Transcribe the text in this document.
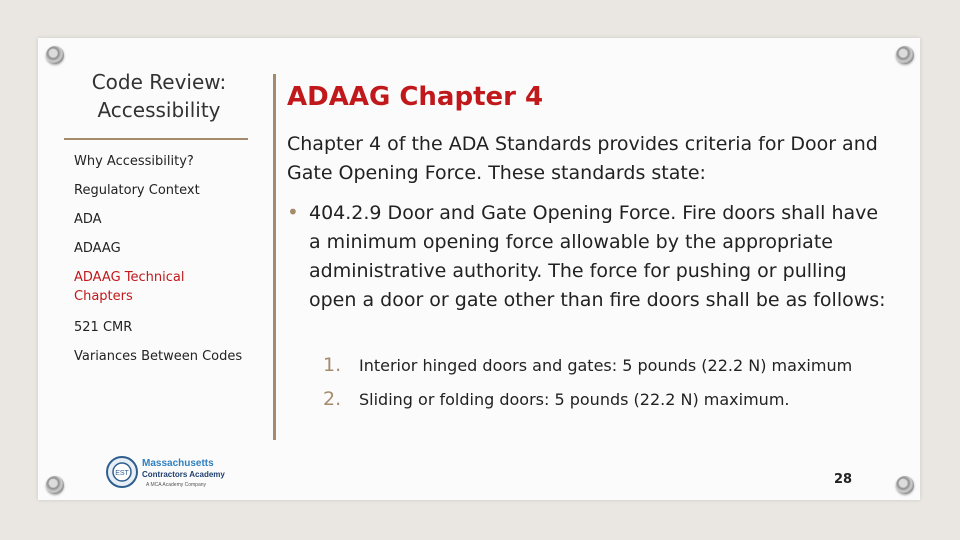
Code Review:
Accessibility
Why Accessibility?
Regulatory Context
ADA
ADAAG
ADAAG Technical Chapters
521 CMR
Variances Between Codes
ADAAG Chapter 4
Chapter 4 of the ADA Standards provides criteria for Door and Gate Opening Force. These standards state:
• 404.2.9 Door and Gate Opening Force. Fire doors shall have a minimum opening force allowable by the appropriate administrative authority. The force for pushing or pulling open a door or gate other than fire doors shall be as follows:
1. Interior hinged doors and gates: 5 pounds (22.2 N) maximum
2. Sliding or folding doors: 5 pounds (22.2 N) maximum.
EST
Massachusetts
Contractors Academy
A MCA Academy Company	28
